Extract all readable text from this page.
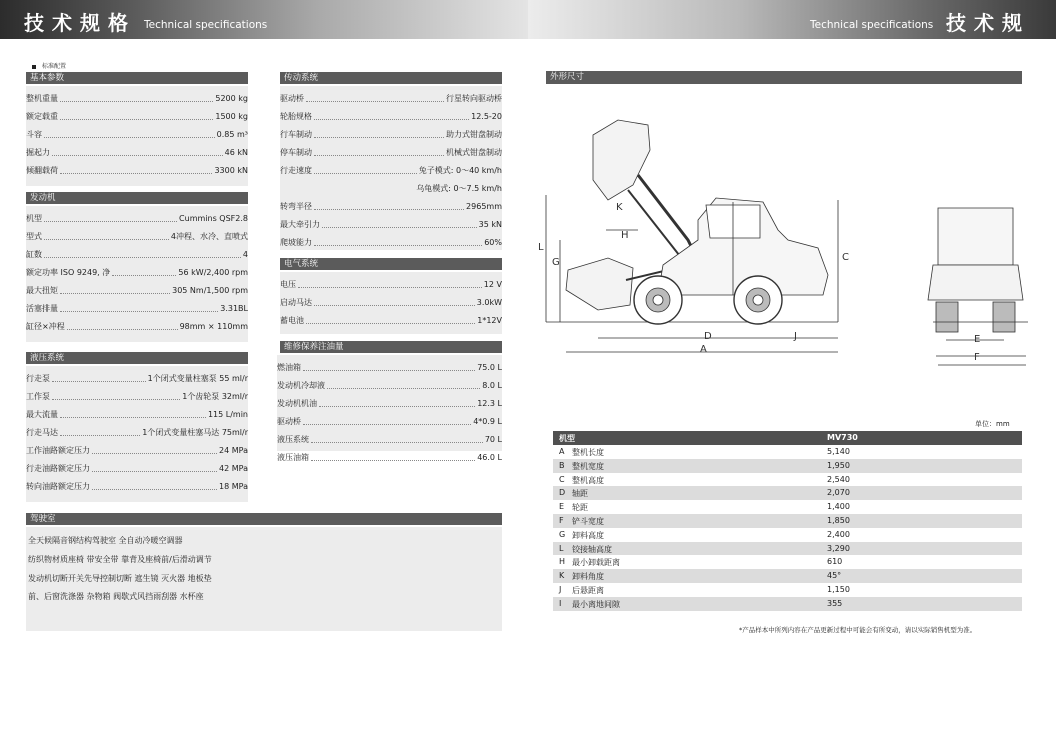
技术规格 Technical specifications	Technical specifications 技术规格
标准配置
基本参数
整机重量	5200 kg
额定载重	1500 kg
斗容	0.85 m³
掘起力	46 kN
倾翻载荷	3300 kN
发动机
机型	Cummins QSF2.8
型式	4冲程、水冷、直喷式
缸数	4
额定功率 ISO 9249, 净	56 kW/2,400 rpm
最大扭矩	305 Nm/1,500 rpm
活塞排量	3.31BL
缸径×冲程	98mm × 110mm
液压系统
行走泵	1个闭式变量柱塞泵 55 ml/r
工作泵	1个齿轮泵 32ml/r
最大流量	115 L/min
行走马达	1个闭式变量柱塞马达 75ml/r
工作油路额定压力	24 MPa
行走油路额定压力	42 MPa
转向油路额定压力	18 MPa
传动系统
驱动桥	行星转向驱动桥
轮胎规格	12.5-20
行车制动	助力式钳盘制动
停车制动	机械式钳盘制动
行走速度	兔子模式: 0～40 km/h
乌龟模式: 0～7.5 km/h
转弯半径	2965mm
最大牵引力	35 kN
爬坡能力	60%
电气系统
电压	12 V
启动马达	3.0kW
蓄电池	1*12V
维修保养注油量
燃油箱	75.0 L
发动机冷却液	8.0 L
发动机机油	12.3 L
驱动桥	4*0.9 L
液压系统	70 L
液压油箱	46.0 L
驾驶室
全天候隔音钢结构驾驶室 全自动冷暖空调器
纺织物材质座椅 带安全带 靠背及座椅前/后滑动调节
发动机切断开关先导控制切断 遮生镜 灭火器 地板垫
前、后窗洗涤器 杂物箱 阀歇式风挡雨刮器 水杯座
外形尺寸
A
D	J
G
L
C
H
K
E
F
单位：mm
机型	MV730
A 整机长度	5,140
B 整机宽度	1,950
C 整机高度	2,540
D 轴距	2,070
E 轮距	1,400
F 铲斗宽度	1,850
G 卸料高度	2,400
L 铰接轴高度	3,290
H 最小卸载距离	610
K 卸料角度	45°
J 后悬距离	1,150
I 最小离地间隙	355
*产品样本中所列内容在产品更新过程中可能会有所变动，请以实际销售机型为准。
